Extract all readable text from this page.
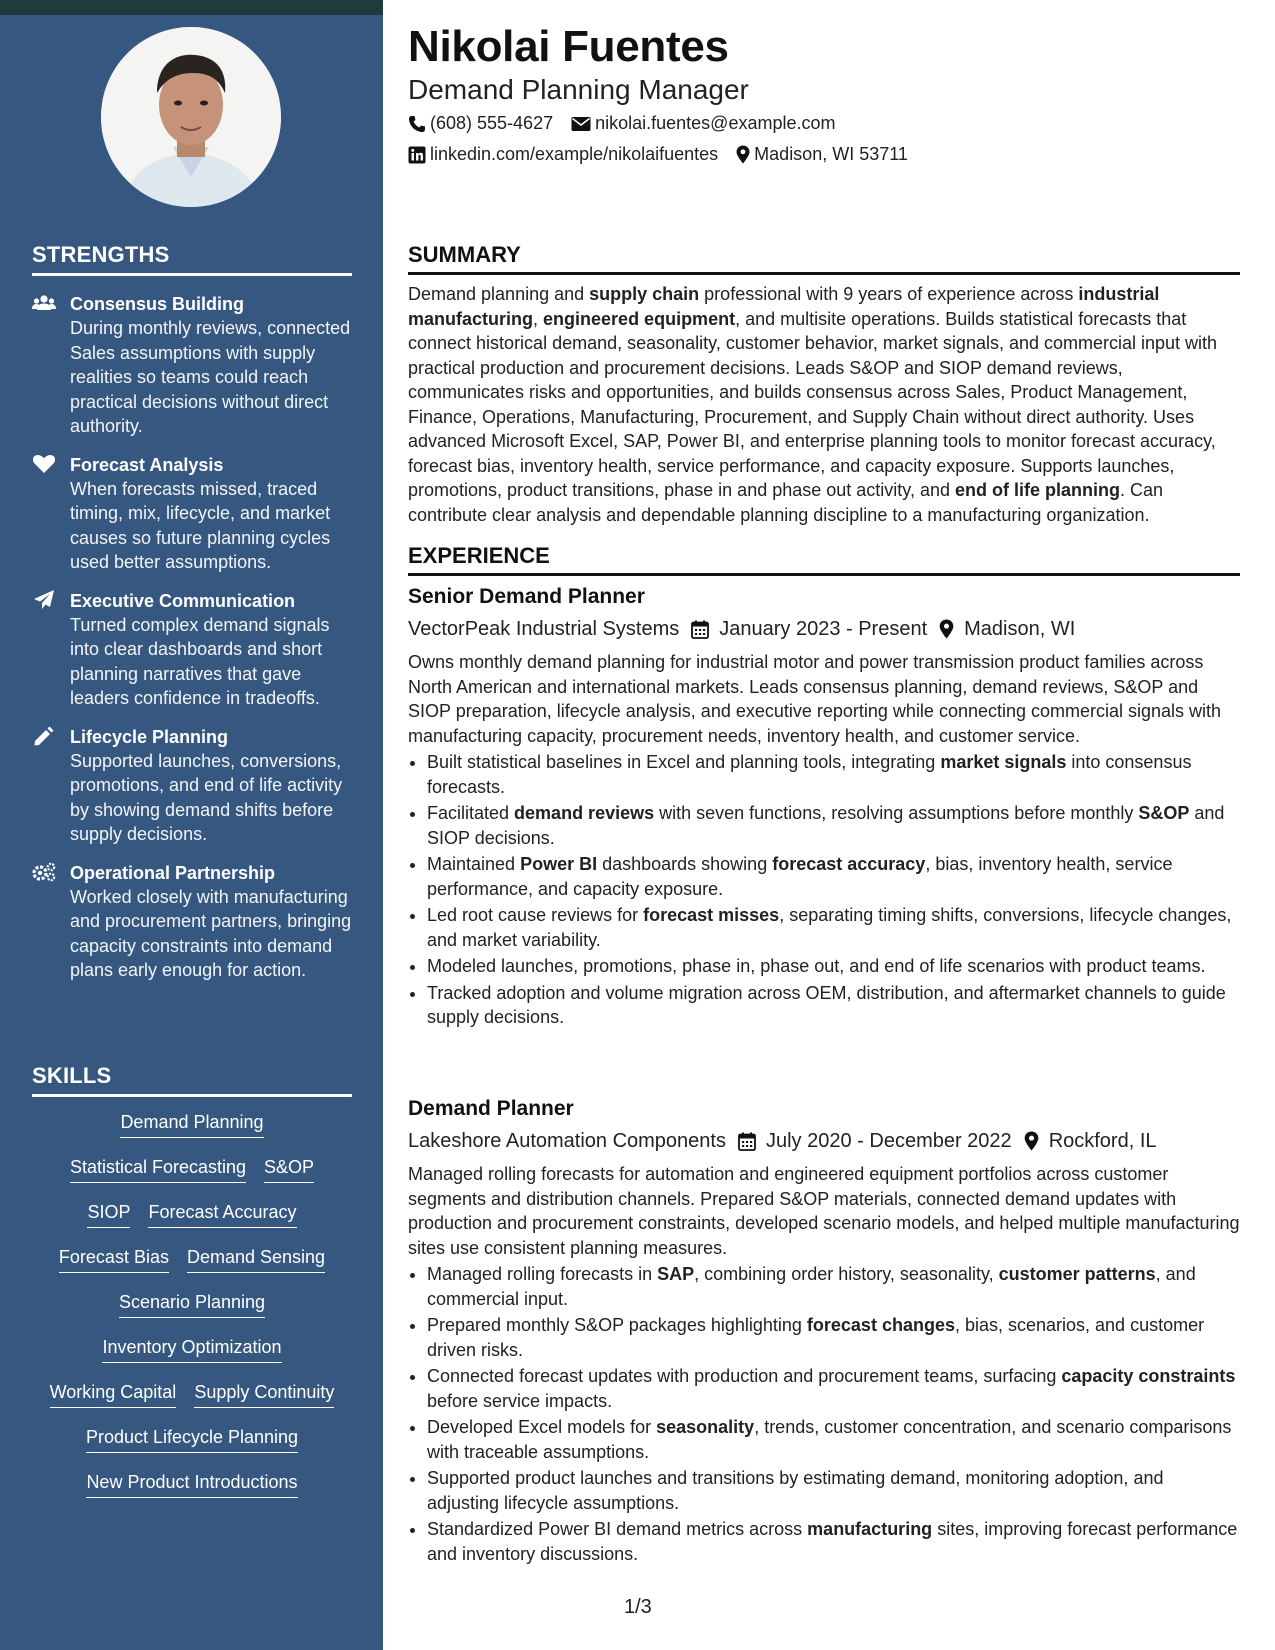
STRENGTHS
Consensus Building
During monthly reviews, connected Sales assumptions with supply realities so teams could reach practical decisions without direct authority.
Forecast Analysis
When forecasts missed, traced timing, mix, lifecycle, and market causes so future planning cycles used better assumptions.
Executive Communication
Turned complex demand signals into clear dashboards and short planning narratives that gave leaders confidence in tradeoffs.
Lifecycle Planning
Supported launches, conversions, promotions, and end of life activity by showing demand shifts before supply decisions.
Operational Partnership
Worked closely with manufacturing and procurement partners, bringing capacity constraints into demand plans early enough for action.
SKILLS
Demand Planning
Statistical Forecasting S&OP
SIOP Forecast Accuracy
Forecast Bias Demand Sensing
Scenario Planning
Inventory Optimization
Working Capital Supply Continuity
Product Lifecycle Planning
New Product Introductions
Nikolai Fuentes
Demand Planning Manager
(608) 555-4627 nikolai.fuentes@example.com
linkedin.com/example/nikolaifuentes Madison, WI 53711
SUMMARY
Demand planning and supply chain professional with 9 years of experience across industrial manufacturing, engineered equipment, and multisite operations. Builds statistical forecasts that connect historical demand, seasonality, customer behavior, market signals, and commercial input with practical production and procurement decisions. Leads S&OP and SIOP demand reviews, communicates risks and opportunities, and builds consensus across Sales, Product Management, Finance, Operations, Manufacturing, Procurement, and Supply Chain without direct authority. Uses advanced Microsoft Excel, SAP, Power BI, and enterprise planning tools to monitor forecast accuracy, forecast bias, inventory health, service performance, and capacity exposure. Supports launches, promotions, product transitions, phase in and phase out activity, and end of life planning. Can contribute clear analysis and dependable planning discipline to a manufacturing organization.
EXPERIENCE
Senior Demand Planner
VectorPeak Industrial Systems January 2023 - Present Madison, WI
Owns monthly demand planning for industrial motor and power transmission product families across North American and international markets. Leads consensus planning, demand reviews, S&OP and SIOP preparation, lifecycle analysis, and executive reporting while connecting commercial signals with manufacturing capacity, procurement needs, inventory health, and customer service.
• Built statistical baselines in Excel and planning tools, integrating market signals into consensus forecasts.
• Facilitated demand reviews with seven functions, resolving assumptions before monthly S&OP and SIOP decisions.
• Maintained Power BI dashboards showing forecast accuracy, bias, inventory health, service performance, and capacity exposure.
• Led root cause reviews for forecast misses, separating timing shifts, conversions, lifecycle changes, and market variability.
• Modeled launches, promotions, phase in, phase out, and end of life scenarios with product teams.
• Tracked adoption and volume migration across OEM, distribution, and aftermarket channels to guide supply decisions.
Demand Planner
Lakeshore Automation Components July 2020 - December 2022 Rockford, IL
Managed rolling forecasts for automation and engineered equipment portfolios across customer segments and distribution channels. Prepared S&OP materials, connected demand updates with production and procurement constraints, developed scenario models, and helped multiple manufacturing sites use consistent planning measures.
• Managed rolling forecasts in SAP, combining order history, seasonality, customer patterns, and commercial input.
• Prepared monthly S&OP packages highlighting forecast changes, bias, scenarios, and customer driven risks.
• Connected forecast updates with production and procurement teams, surfacing capacity constraints before service impacts.
• Developed Excel models for seasonality, trends, customer concentration, and scenario comparisons with traceable assumptions.
• Supported product launches and transitions by estimating demand, monitoring adoption, and adjusting lifecycle assumptions.
• Standardized Power BI demand metrics across manufacturing sites, improving forecast performance and inventory discussions.
1/3
